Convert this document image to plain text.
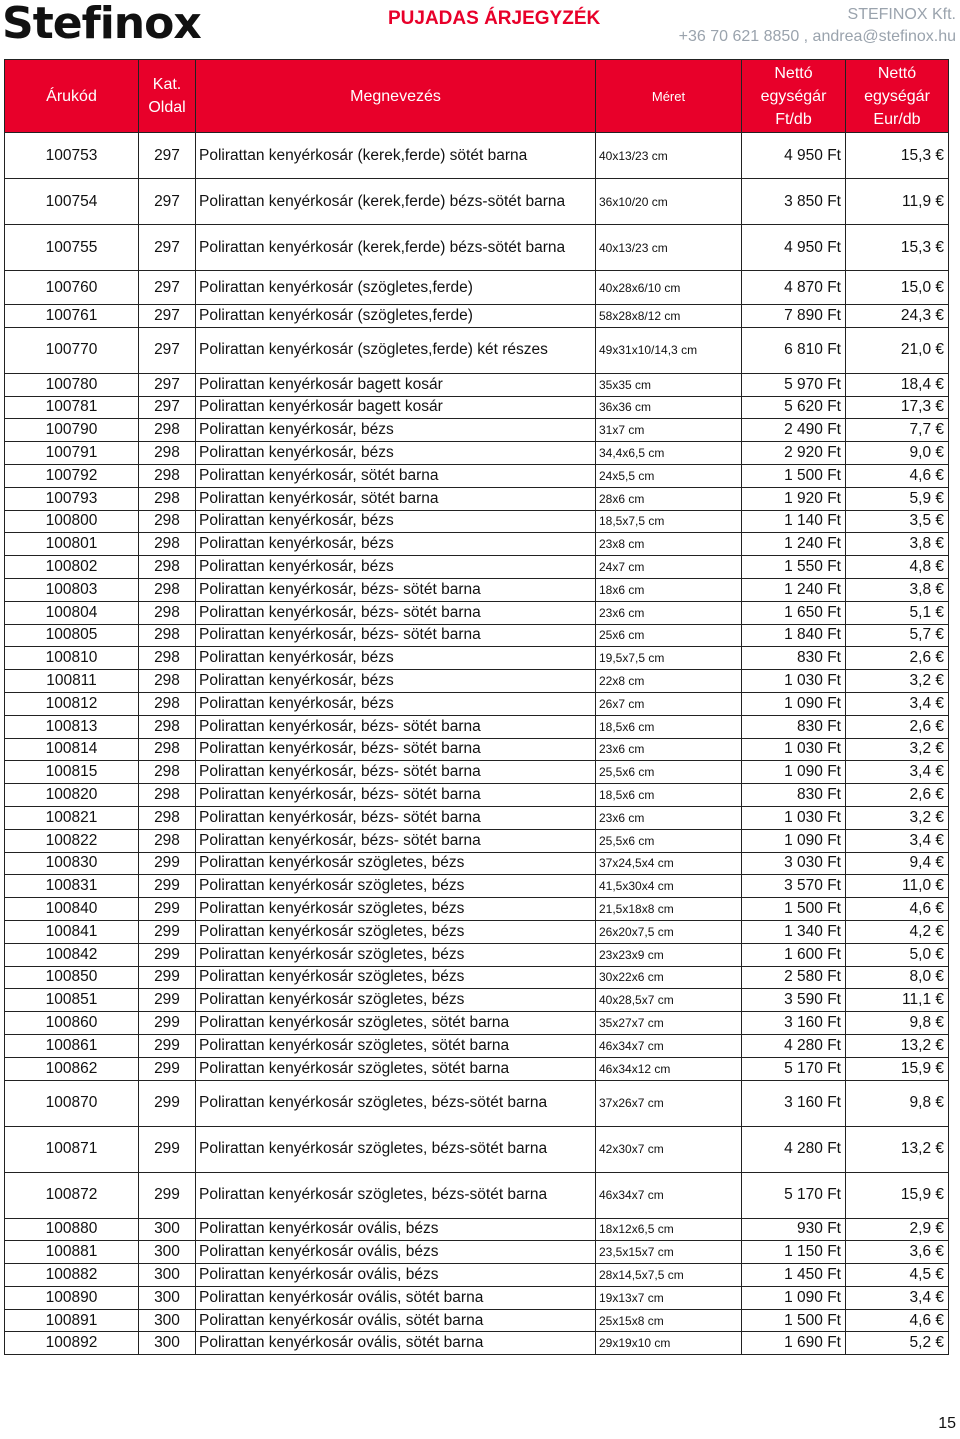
Stefinox	PUJADAS ÁRJEGYZÉK	STEFINOX Kft.
+36 70 621 8850 , andrea@stefinox.hu
Árukód	Kat. Oldal	Megnevezés	Méret	Nettó egységár Ft/db	Nettó egységár Eur/db
100753	297	Polirattan kenyérkosár (kerek,ferde) sötét barna	40x13/23 cm	4 950 Ft	15,3 €
100754	297	Polirattan kenyérkosár (kerek,ferde) bézs-sötét barna	36x10/20 cm	3 850 Ft	11,9 €
100755	297	Polirattan kenyérkosár (kerek,ferde) bézs-sötét barna	40x13/23 cm	4 950 Ft	15,3 €
100760	297	Polirattan kenyérkosár (szögletes,ferde)	40x28x6/10 cm	4 870 Ft	15,0 €
100761	297	Polirattan kenyérkosár (szögletes,ferde)	58x28x8/12 cm	7 890 Ft	24,3 €
100770	297	Polirattan kenyérkosár (szögletes,ferde) két részes	49x31x10/14,3 cm	6 810 Ft	21,0 €
100780	297	Polirattan kenyérkosár bagett kosár	35x35 cm	5 970 Ft	18,4 €
100781	297	Polirattan kenyérkosár bagett kosár	36x36 cm	5 620 Ft	17,3 €
100790	298	Polirattan kenyérkosár, bézs	31x7 cm	2 490 Ft	7,7 €
100791	298	Polirattan kenyérkosár, bézs	34,4x6,5 cm	2 920 Ft	9,0 €
100792	298	Polirattan kenyérkosár, sötét barna	24x5,5 cm	1 500 Ft	4,6 €
100793	298	Polirattan kenyérkosár, sötét barna	28x6 cm	1 920 Ft	5,9 €
100800	298	Polirattan kenyérkosár, bézs	18,5x7,5 cm	1 140 Ft	3,5 €
100801	298	Polirattan kenyérkosár, bézs	23x8 cm	1 240 Ft	3,8 €
100802	298	Polirattan kenyérkosár, bézs	24x7 cm	1 550 Ft	4,8 €
100803	298	Polirattan kenyérkosár, bézs- sötét barna	18x6 cm	1 240 Ft	3,8 €
100804	298	Polirattan kenyérkosár, bézs- sötét barna	23x6 cm	1 650 Ft	5,1 €
100805	298	Polirattan kenyérkosár, bézs- sötét barna	25x6 cm	1 840 Ft	5,7 €
100810	298	Polirattan kenyérkosár, bézs	19,5x7,5 cm	830 Ft	2,6 €
100811	298	Polirattan kenyérkosár, bézs	22x8 cm	1 030 Ft	3,2 €
100812	298	Polirattan kenyérkosár, bézs	26x7 cm	1 090 Ft	3,4 €
100813	298	Polirattan kenyérkosár, bézs- sötét barna	18,5x6 cm	830 Ft	2,6 €
100814	298	Polirattan kenyérkosár, bézs- sötét barna	23x6 cm	1 030 Ft	3,2 €
100815	298	Polirattan kenyérkosár, bézs- sötét barna	25,5x6 cm	1 090 Ft	3,4 €
100820	298	Polirattan kenyérkosár, bézs- sötét barna	18,5x6 cm	830 Ft	2,6 €
100821	298	Polirattan kenyérkosár, bézs- sötét barna	23x6 cm	1 030 Ft	3,2 €
100822	298	Polirattan kenyérkosár, bézs- sötét barna	25,5x6 cm	1 090 Ft	3,4 €
100830	299	Polirattan kenyérkosár szögletes, bézs	37x24,5x4 cm	3 030 Ft	9,4 €
100831	299	Polirattan kenyérkosár szögletes, bézs	41,5x30x4 cm	3 570 Ft	11,0 €
100840	299	Polirattan kenyérkosár szögletes, bézs	21,5x18x8 cm	1 500 Ft	4,6 €
100841	299	Polirattan kenyérkosár szögletes, bézs	26x20x7,5 cm	1 340 Ft	4,2 €
100842	299	Polirattan kenyérkosár szögletes, bézs	23x23x9 cm	1 600 Ft	5,0 €
100850	299	Polirattan kenyérkosár szögletes, bézs	30x22x6 cm	2 580 Ft	8,0 €
100851	299	Polirattan kenyérkosár szögletes, bézs	40x28,5x7 cm	3 590 Ft	11,1 €
100860	299	Polirattan kenyérkosár szögletes, sötét barna	35x27x7 cm	3 160 Ft	9,8 €
100861	299	Polirattan kenyérkosár szögletes, sötét barna	46x34x7 cm	4 280 Ft	13,2 €
100862	299	Polirattan kenyérkosár szögletes, sötét barna	46x34x12 cm	5 170 Ft	15,9 €
100870	299	Polirattan kenyérkosár szögletes, bézs-sötét barna	37x26x7 cm	3 160 Ft	9,8 €
100871	299	Polirattan kenyérkosár szögletes, bézs-sötét barna	42x30x7 cm	4 280 Ft	13,2 €
100872	299	Polirattan kenyérkosár szögletes, bézs-sötét barna	46x34x7 cm	5 170 Ft	15,9 €
100880	300	Polirattan kenyérkosár ovális, bézs	18x12x6,5 cm	930 Ft	2,9 €
100881	300	Polirattan kenyérkosár ovális, bézs	23,5x15x7 cm	1 150 Ft	3,6 €
100882	300	Polirattan kenyérkosár ovális, bézs	28x14,5x7,5 cm	1 450 Ft	4,5 €
100890	300	Polirattan kenyérkosár ovális, sötét barna	19x13x7 cm	1 090 Ft	3,4 €
100891	300	Polirattan kenyérkosár ovális, sötét barna	25x15x8 cm	1 500 Ft	4,6 €
100892	300	Polirattan kenyérkosár ovális, sötét barna	29x19x10 cm	1 690 Ft	5,2 €
15
